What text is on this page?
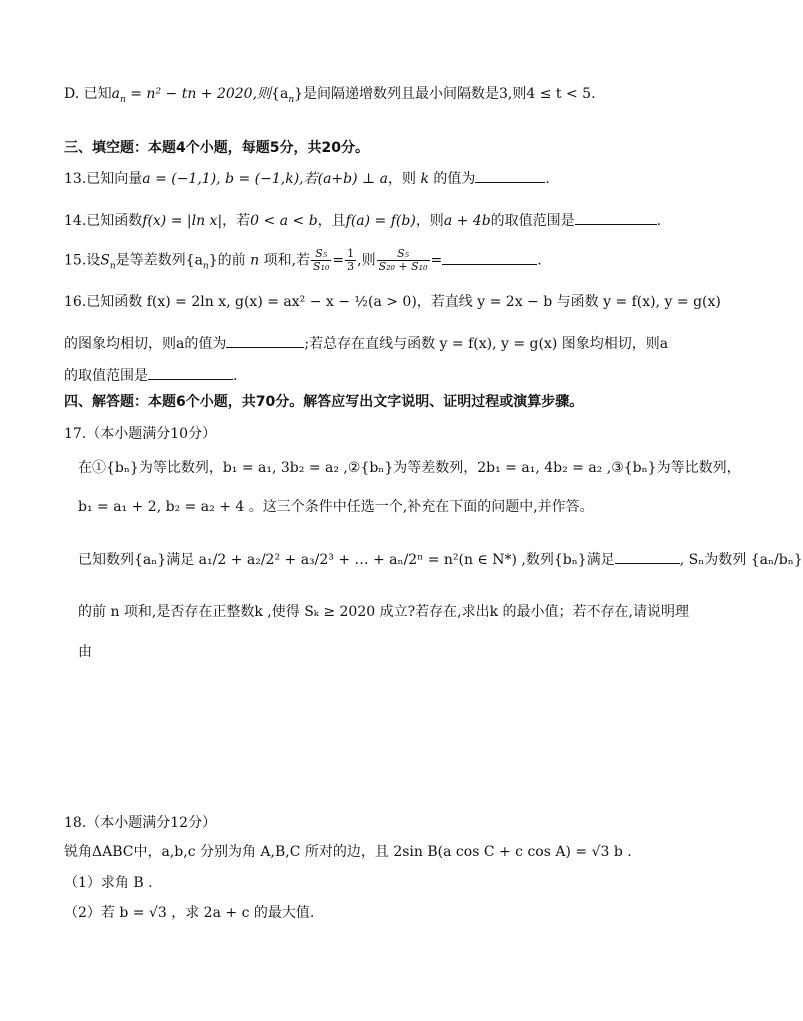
D. 已知$a_n = n^2$ − tn + 2020,则$\{a_n\}$是间隔递增数列且最小间隔数是3,则4 ≤ t < 5.
三、填空题：本题4个小题，每题5分，共20分。
13.已知向量a = (−1,1), b = (−1,k),若(a+b) ⊥ a，则 k 的值为	.
14.已知函数f(x) = |ln x|，若0 < a < b，且f(a) = f(b)，则a + 4b的取值范围是	.
15.设$S_n$是等差数列$\{a_n\}$的前 n 项和,若 $\frac{\text{S₅}}{\text{S₁₀}} = \frac{1}{3}$ ,则 $\frac{\text{S₅}}{\text{S₂₀ + S₁₀}}$ =	.
16.已知函数 f(x) = 2ln x, g(x) = ax² − x − ½(a > 0)，若直线 y = 2x − b 与函数 y = f(x), y = g(x)
的图象均相切，则a的值为	;若总存在直线与函数 y = f(x), y = g(x) 图象均相切，则a
的取值范围是	.
四、解答题：本题6个小题，共70分。解答应写出文字说明、证明过程或演算步骤。
17.（本小题满分10分）
在①{bₙ}为等比数列，b₁ = a₁, 3b₂ = a₂ ,②{bₙ}为等差数列，2b₁ = a₁, 4b₂ = a₂ ,③{bₙ}为等比数列，
b₁ = a₁ + 2, b₂ = a₂ + 4 。这三个条件中任选一个,补充在下面的问题中,并作答。
已知数列{aₙ}满足 a₁/2 + a₂/2² + a₃/2³ + … + aₙ/2ⁿ = n²(n ∈ N*) ,数列{bₙ}满足	, Sₙ为数列 {aₙ/bₙ}
的前 n 项和,是否存在正整数k ,使得 Sₖ ≥ 2020 成立?若存在,求出k 的最小值；若不存在,请说明理
由
18.（本小题满分12分）
锐角ΔABC中，a,b,c 分别为角 A,B,C 所对的边，且 2sin B(a cos C + c cos A) = √3 b .
（1）求角 B .
（2）若 b = √3 ，求 2a + c 的最大值.
